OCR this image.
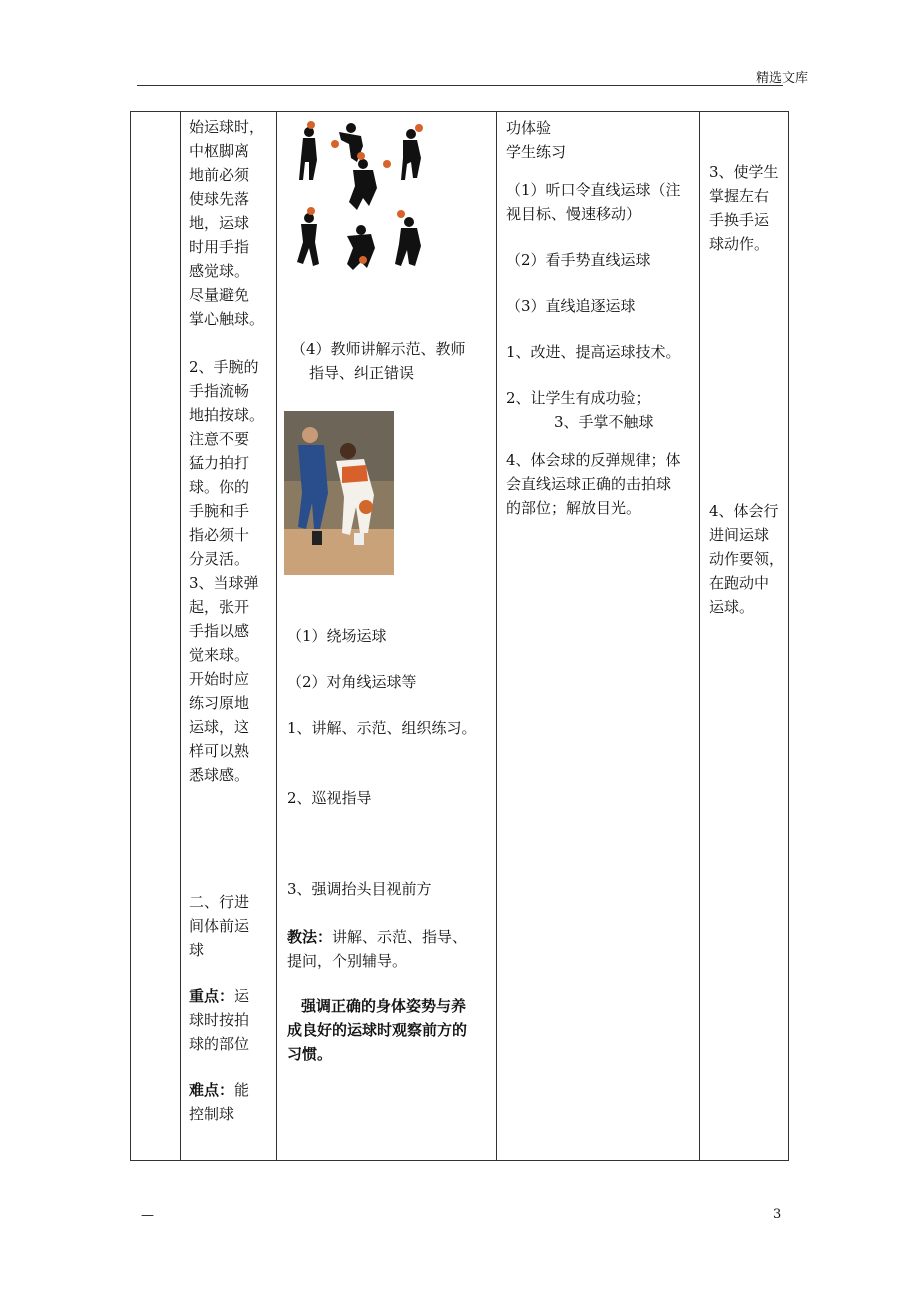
精选文库

始运球时，

中枢脚离

地前必须

使球先落

地，运球

时用手指

感觉球。

尽量避免

掌心触球。

2、手腕的

手指流畅

地拍按球。

注意不要

猛力拍打

球。你的

手腕和手

指必须十

分灵活。

3、当球弹

起，张开

手指以感

觉来球。

开始时应

练习原地

运球，这

样可以熟

悉球感。

二、行进

间体前运

球

重点：运

球时按拍

球的部位

难点：能

控制球

（4）教师讲解示范、教师

指导、纠正错误

（1）绕场运球

（2）对角线运球等

1、讲解、示范、组织练习。

2、巡视指导

3、强调抬头目视前方

教法：讲解、示范、指导、

提问，个别辅导。

强调正确的身体姿势与养

成良好的运球时观察前方的

习惯。

功体验

学生练习

（1）听口令直线运球（注

视目标、慢速移动）

（2）看手势直线运球

（3）直线追逐运球

1、改进、提高运球技术。

2、让学生有成功验；

3、手掌不触球

4、体会球的反弹规律；体

会直线运球正确的击拍球

的部位；解放目光。

3、使学生

掌握左右

手换手运

球动作。

4、体会行

进间运球

动作要领，

在跑动中

运球。

—	3
